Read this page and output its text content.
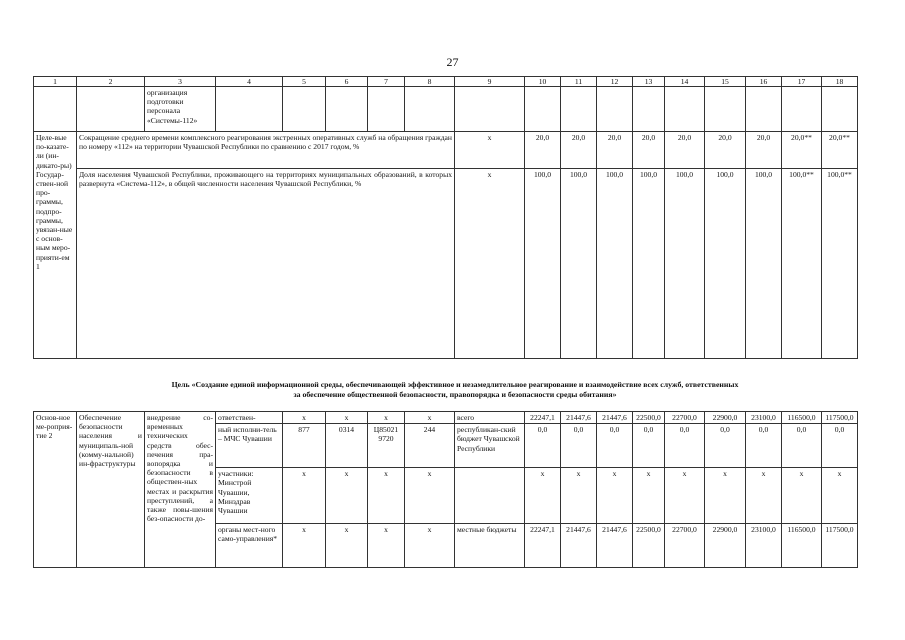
27
1	2	3	4	5	6	7	8	9	10	11	12	13	14	15	16	17	18
		организация подготовки персонала «Системы-112»															
Целе-вые по-казате-ли (ин-дикато-ры) Государ-ствен-ной про-граммы, подпро-граммы, увязан-ные с основ-ным меро-прияти-ем 1	Сокращение среднего времени комплексного реагирования экстренных оперативных служб на обращения граждан по номеру «112» на территории Чувашской Республики по сравнению с 2017 годом, %							x	20,0	20,0	20,0	20,0	20,0	20,0	20,0	20,0**	20,0**
	Доля населения Чувашской Республики, проживающего на территориях муниципальных образований, в которых развернута «Система-112», в общей численности населения Чувашской Республики, %							x	100,0	100,0	100,0	100,0	100,0	100,0	100,0	100,0**	100,0**
Цель «Создание единой информационной среды, обеспечивающей эффективное и незамедлительное реагирование и взаимодействие всех служб, ответственных
за обеспечение общественной безопасности, правопорядка и безопасности среды обитания»
Основ-ное ме-роприя-тие 2	Обеспечение безопасности населения и муниципаль-ной (комму-нальной) ин-фраструктуры	внедрение со-временных технических средств обес-печения пра-вопорядка и безопасности в обществен-ных местах и раскрытия преступлений, а также повы-шения без-опасности до-	ответствен-	x	x	x	x	всего	22247,1	21447,6	21447,6	22500,0	22700,0	22900,0	23100,0	116500,0	117500,0
			ный исполни-тель – МЧС Чувашии	877	0314	Ц85021 9720	244	республикан-ский бюджет Чувашской Республики	0,0	0,0	0,0	0,0	0,0	0,0	0,0	0,0	0,0
			участники: Минстрой Чувашии, Минздрав Чувашии	x	x	x	x		x	x	x	x	x	x	x	x	x
			органы мест-ного само-управления*	x	x	x	x	местные бюджеты	22247,1	21447,6	21447,6	22500,0	22700,0	22900,0	23100,0	116500,0	117500,0
